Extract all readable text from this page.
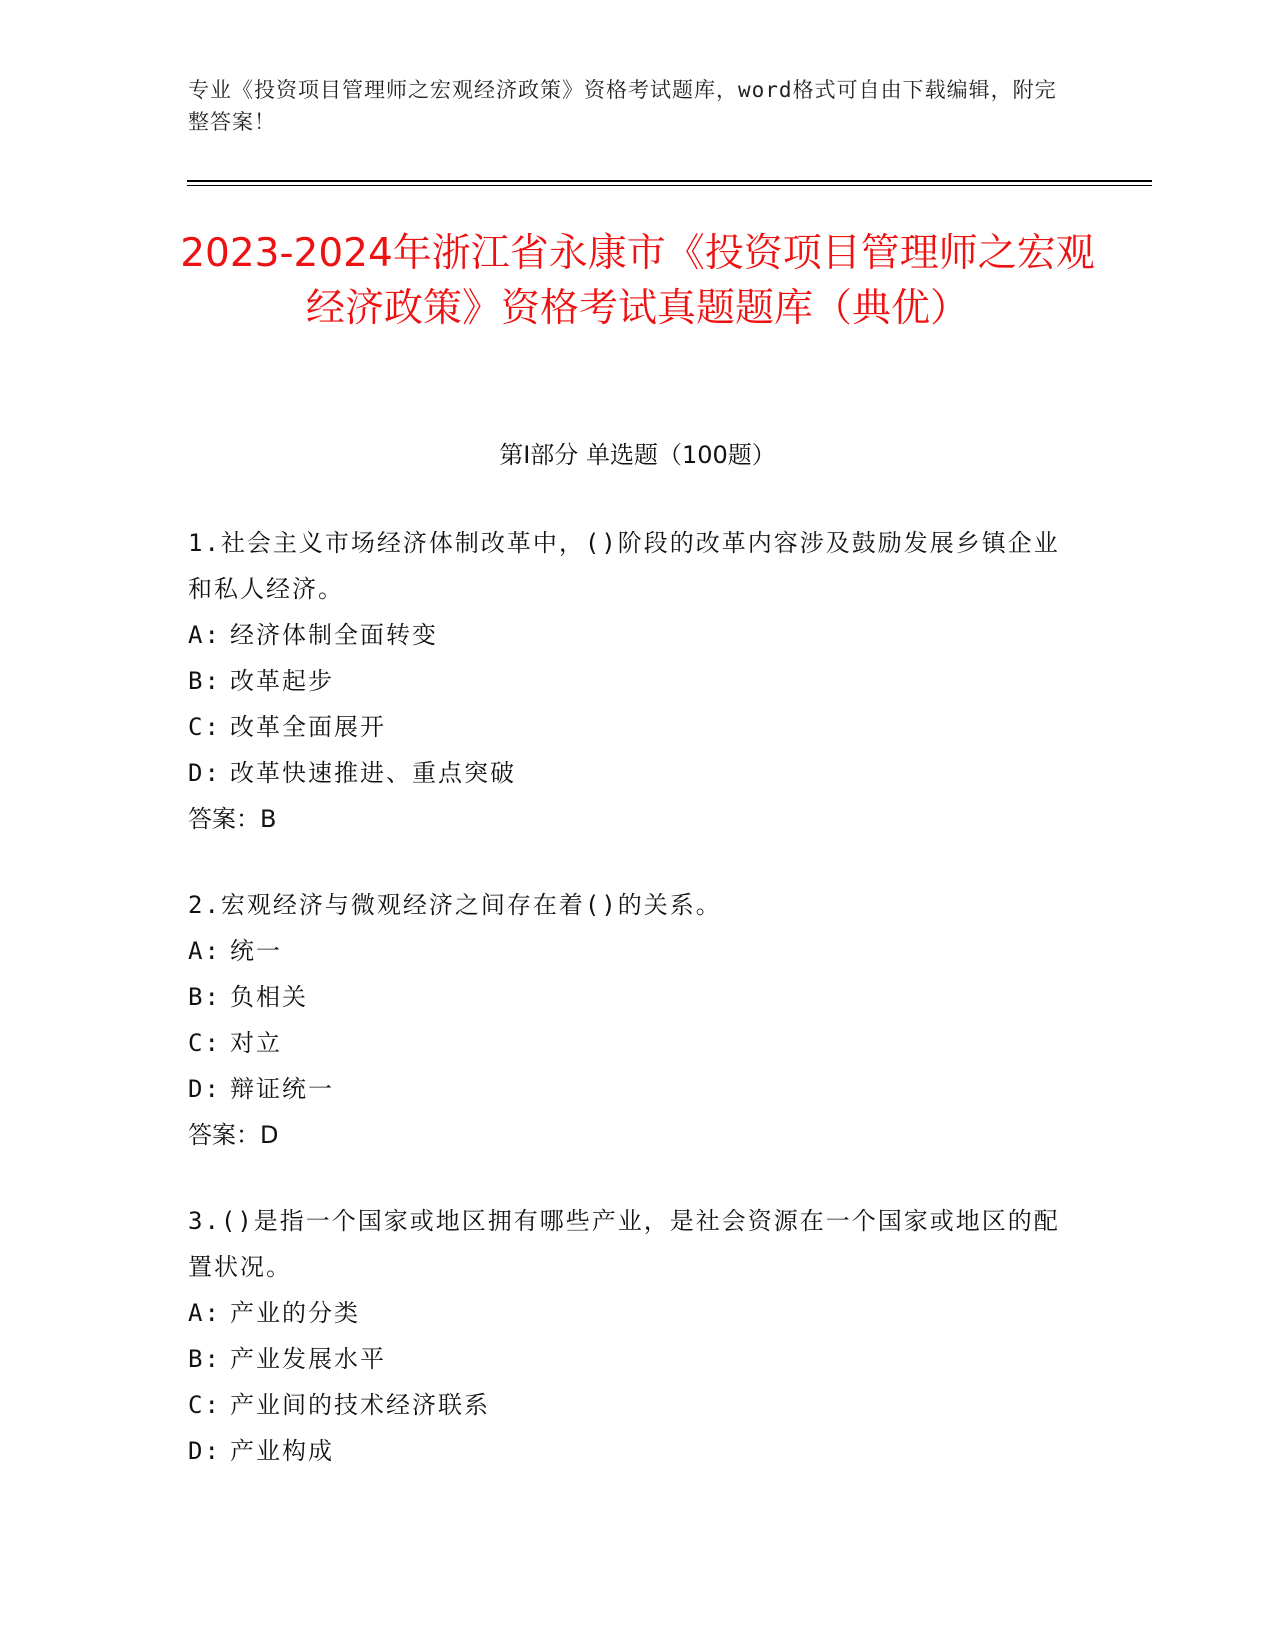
专业《投资项目管理师之宏观经济政策》资格考试题库，word格式可自由下载编辑，附完整答案！
2023-2024年浙江省永康市《投资项目管理师之宏观经济政策》资格考试真题题库（典优）
第Ⅰ部分 单选题（100题）

1.社会主义市场经济体制改革中，()阶段的改革内容涉及鼓励发展乡镇企业和私人经济。

A: 经济体制全面转变

B: 改革起步

C: 改革全面展开

D: 改革快速推进、重点突破

答案：B

2.宏观经济与微观经济之间存在着()的关系。

A: 统一

B: 负相关

C: 对立

D: 辩证统一

答案：D

3.()是指一个国家或地区拥有哪些产业，是社会资源在一个国家或地区的配置状况。

A: 产业的分类

B: 产业发展水平

C: 产业间的技术经济联系

D: 产业构成
